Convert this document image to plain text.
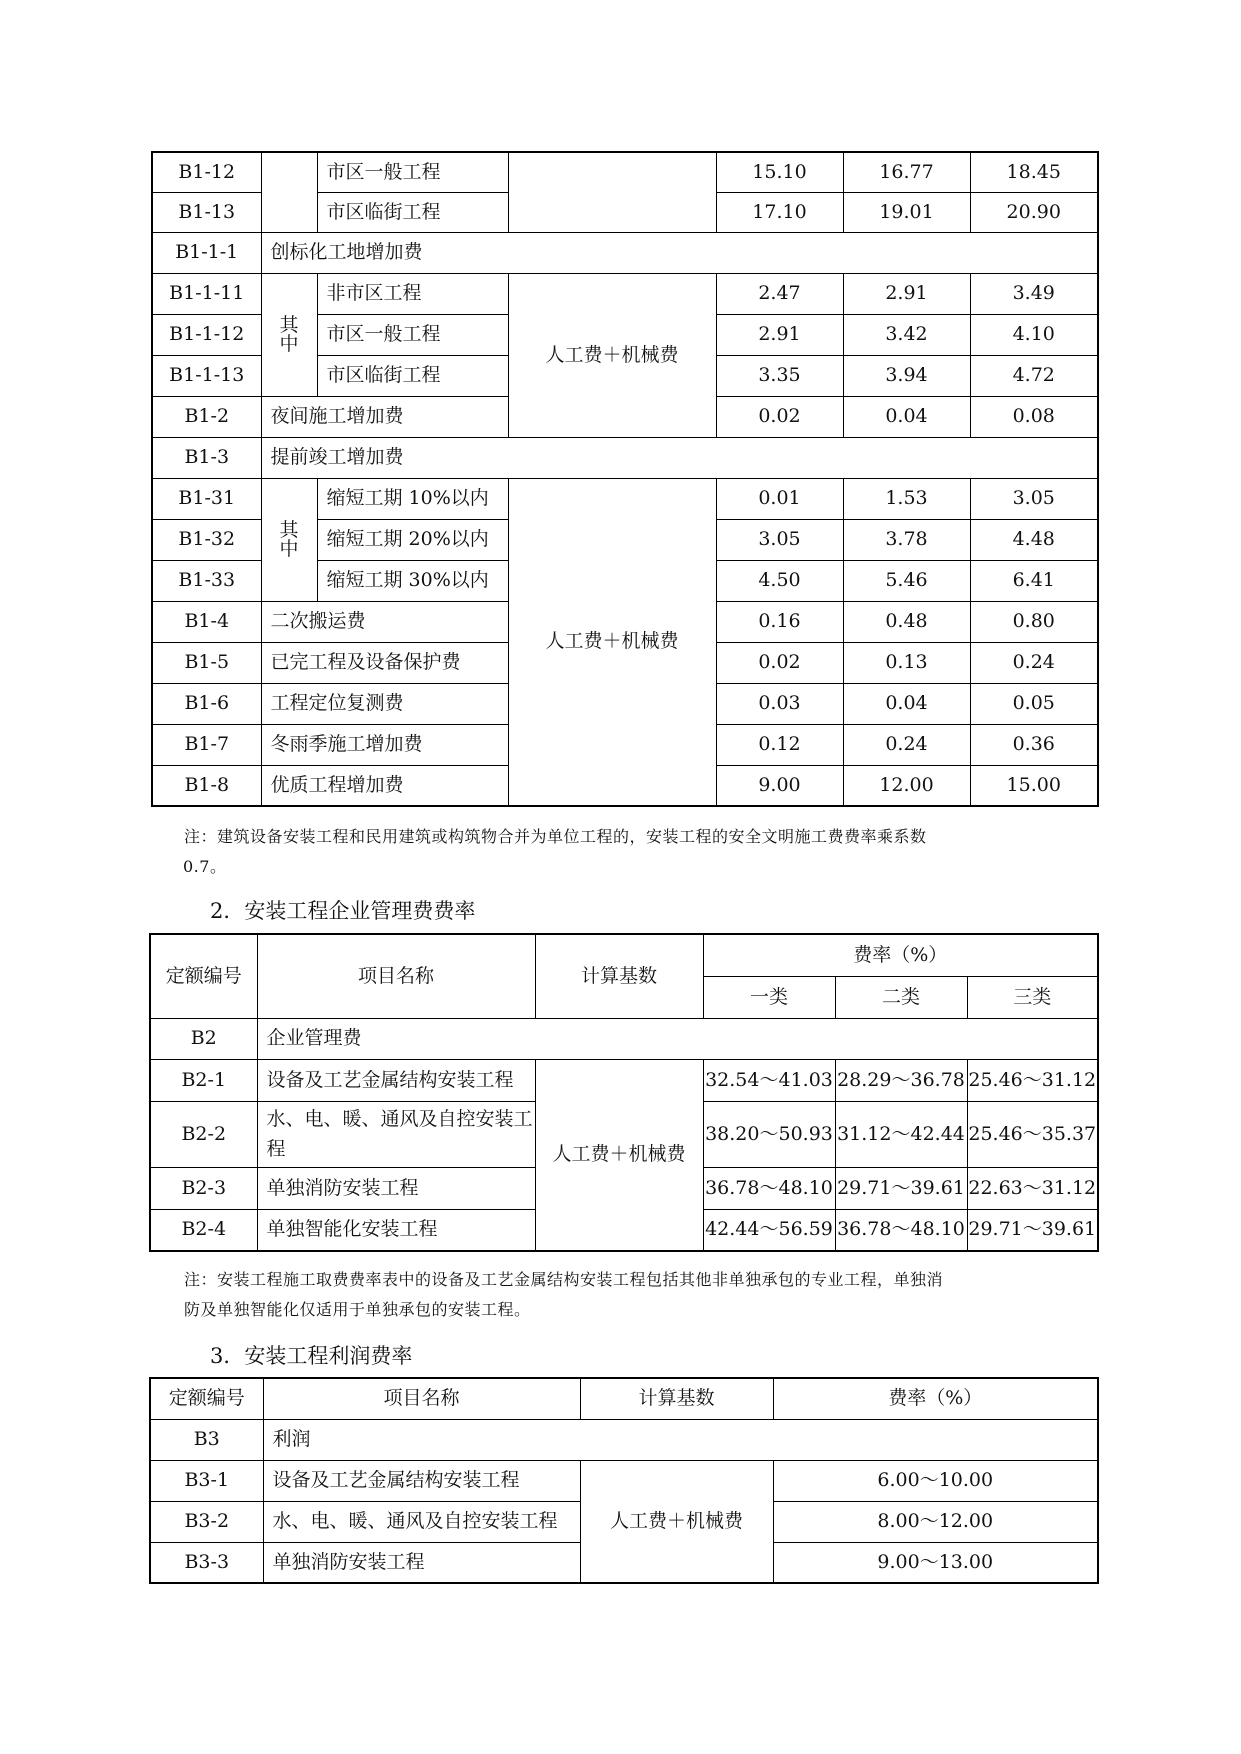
B1-12		市区一般工程		15.10	16.77	18.45
B1-13		市区临街工程		17.10	19.01	20.90
B1-1-1	创标化工地增加费					
B1-1-11	其中	非市区工程	人工费＋机械费	2.47	2.91	3.49
B1-1-12		市区一般工程		2.91	3.42	4.10
B1-1-13		市区临街工程		3.35	3.94	4.72
B1-2	夜间施工增加费			0.02	0.04	0.08
B1-3	提前竣工增加费					
B1-31	其中	缩短工期 10%以内	人工费＋机械费	0.01	1.53	3.05
B1-32		缩短工期 20%以内		3.05	3.78	4.48
B1-33		缩短工期 30%以内		4.50	5.46	6.41
B1-4	二次搬运费			0.16	0.48	0.80
B1-5	已完工程及设备保护费			0.02	0.13	0.24
B1-6	工程定位复测费			0.03	0.04	0.05
B1-7	冬雨季施工增加费			0.12	0.24	0.36
B1-8	优质工程增加费			9.00	12.00	15.00
注：建筑设备安装工程和民用建筑或构筑物合并为单位工程的，安装工程的安全文明施工费费率乘系数
0.7。
2．安装工程企业管理费费率
定额编号	项目名称	计算基数	费率（%）		
			一类	二类	三类
B2	企业管理费				
B2-1	设备及工艺金属结构安装工程	人工费＋机械费	32.54～41.03	28.29～36.78	25.46～31.12
B2-2	水、电、暖、通风及自控安装工
程		38.20～50.93	31.12～42.44	25.46～35.37
B2-3	单独消防安装工程		36.78～48.10	29.71～39.61	22.63～31.12
B2-4	单独智能化安装工程		42.44～56.59	36.78～48.10	29.71～39.61
注：安装工程施工取费费率表中的设备及工艺金属结构安装工程包括其他非单独承包的专业工程，单独消
防及单独智能化仅适用于单独承包的安装工程。
3．安装工程利润费率
定额编号	项目名称	计算基数	费率（%）
B3	利润		
B3-1	设备及工艺金属结构安装工程	人工费＋机械费	6.00～10.00
B3-2	水、电、暖、通风及自控安装工程		8.00～12.00
B3-3	单独消防安装工程		9.00～13.00
